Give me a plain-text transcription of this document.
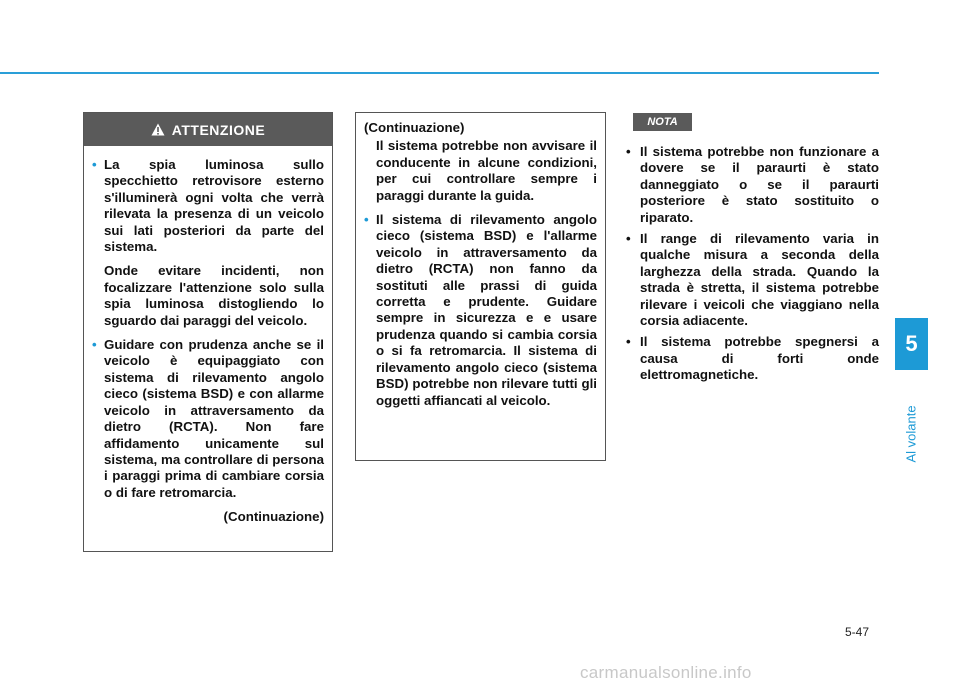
5
Al volante
ATTENZIONE

• La spia luminosa sullo specchietto retrovisore esterno s'illuminerà ogni volta che verrà rilevata la presenza di un veicolo sui lati posteriori da parte del sistema.

Onde evitare incidenti, non focalizzare l'attenzione solo sulla spia luminosa distogliendo lo sguardo dai paraggi del veicolo.

• Guidare con prudenza anche se il veicolo è equipaggiato con sistema di rilevamento angolo cieco (sistema BSD) e con allarme veicolo in attraversamento da dietro (RCTA). Non fare affidamento unicamente sul sistema, ma controllare di persona i paraggi prima di cambiare corsia o di fare retromarcia.

(Continuazione)

(Continuazione)

Il sistema potrebbe non avvisare il conducente in alcune condizioni, per cui controllare sempre i paraggi durante la guida.

• Il sistema di rilevamento angolo cieco (sistema BSD) e l'allarme veicolo in attraversamento da dietro (RCTA) non fanno da sostituti alle prassi di guida corretta e prudente. Guidare sempre in sicurezza e e usare prudenza quando si cambia corsia o si fa retromarcia. Il sistema di rilevamento angolo cieco (sistema BSD) potrebbe non rilevare tutti gli oggetti affiancati al veicolo.

NOTA
• Il sistema potrebbe non funzionare a dovere se il paraurti è stato danneggiato o se il paraurti posteriore è stato sostituito o riparato.
• Il range di rilevamento varia in qualche misura a seconda della larghezza della strada. Quando la strada è stretta, il sistema potrebbe rilevare i veicoli che viaggiano nella corsia adiacente.
• Il sistema potrebbe spegnersi a causa di forti onde elettromagnetiche.
5-47
carmanualsonline.info
